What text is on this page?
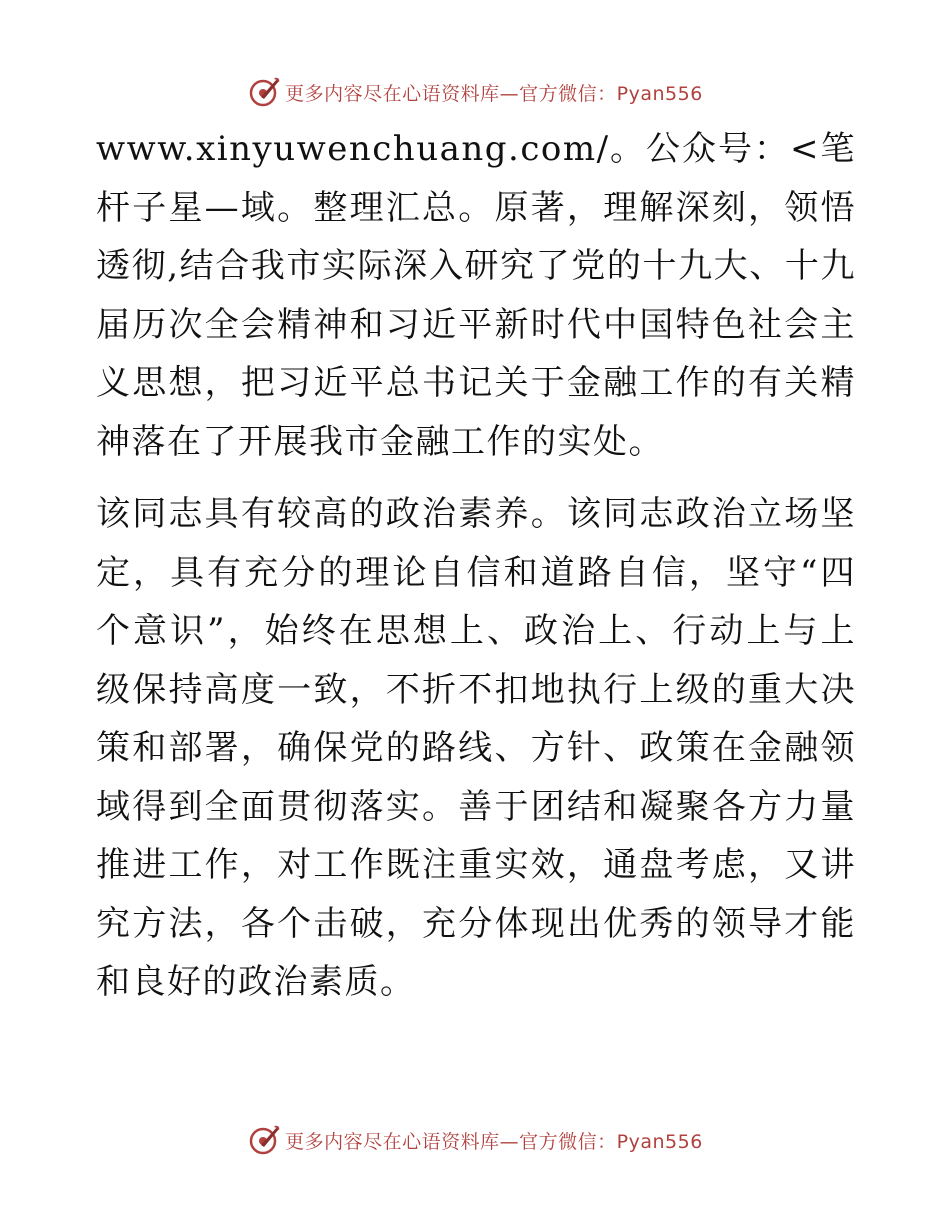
更多内容尽在心语资料库—官方微信：Pyan556

www.xinyuwenchuang.com/。公众号：<笔杆子星—域。整理汇总。原著，理解深刻，领悟透彻,结合我市实际深入研究了党的十九大、十九届历次全会精神和习近平新时代中国特色社会主义思想，把习近平总书记关于金融工作的有关精神落在了开展我市金融工作的实处。

该同志具有较高的政治素养。该同志政治立场坚定，具有充分的理论自信和道路自信，坚守“四个意识”，始终在思想上、政治上、行动上与上级保持高度一致，不折不扣地执行上级的重大决策和部署，确保党的路线、方针、政策在金融领域得到全面贯彻落实。善于团结和凝聚各方力量推进工作，对工作既注重实效，通盘考虑，又讲究方法，各个击破，充分体现出优秀的领导才能和良好的政治素质。

更多内容尽在心语资料库—官方微信：Pyan556
